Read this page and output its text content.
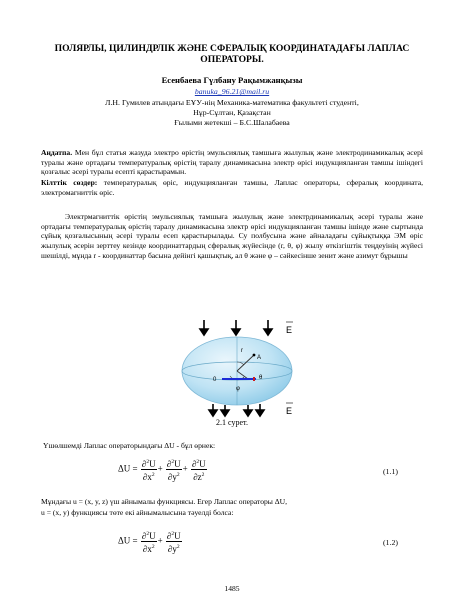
ПОЛЯРЛЫ, ЦИЛИНДРЛІК ЖӘНЕ СФЕРАЛЫҚ КООРДИНАТАДАҒЫ ЛАПЛАС ОПЕРАТОРЫ.
Есенбаева Гүлбану Рақымжанқызы
banuka_96.21@mail.ru
Л.Н. Гумилев атындағы ЕҰУ-нің Механика-математика факультеті студенті,
Нұр-Сұлтан, Қазақстан
Ғылыми жетекші – Б.С.Шалабаева
Аңдатпа. Мен бұл статья жазуда электро өрістің эмульсиялық тамшыға жылулық және электродинамикалық әсері туралы және ортадағы температуралық өрістің таралу динамикасына электр өрісі индукцияланған тамшы ішіндегі қозғалыс әсері туралы есепті қарастырамын.
Кілттік сөздер: температуралық өріс, индукцияланған тамшы, Лаплас операторы, сфералық координата, электромагниттік өріс.
Электрмагниттік өрістің эмульсиялық тамшыға жылулық және электрдинамикалық әсері туралы және ортадағы температуралық өрістің таралу динамикасына электр өрісі индукцияланған тамшы ішінде және сыртында сұйық қозғалысының әсері туралы есеп қарастырылады. Су полбусына және айналадағы сұйықтыққа ЭМ өріс жылулық әсерін зерттеу кезінде координаттардың сфералық жүйесінде (r, θ, φ) жылу өткізгіштік теңдеуінің жүйесі шешілді, мұнда r - координаттар басына дейінгі қашықтық, ал θ және φ – сәйкесінше зенит және азимут бұрышы
r
A
θ
φ
0
E
E
2.1 сурет.
Үшөлшемді Лаплас операторындағы ΔU - бұл өрнек:
$\Delta U = \frac{\partial^2U}{\partial x^2} + \frac{\partial^2U}{\partial y^2} + \frac{\partial^2U}{\partial z^2}$	(1.1)
Мұндағы u = (x, y, z) үш айнымалы функциясы. Егер Лаплас операторы ΔU,
u = (x, y) функциясы төте екі айнымалысына тәуелді болса:
$\Delta U = \frac{\partial^2U}{\partial x^2} + \frac{\partial^2U}{\partial y^2}$	(1.2)
1485
